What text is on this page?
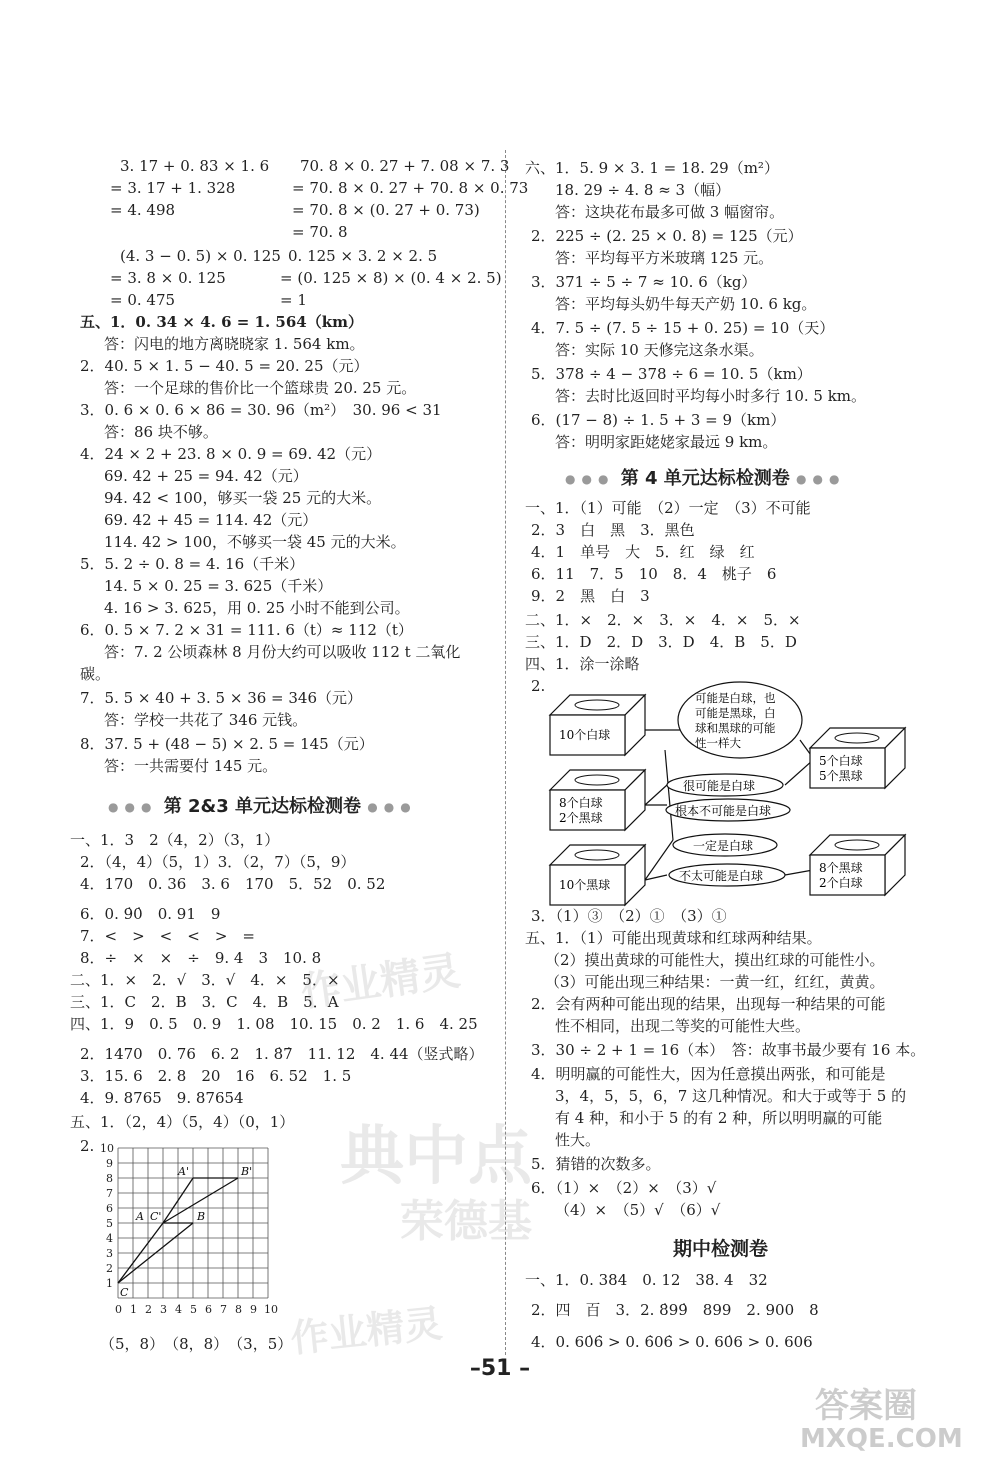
3. 17 + 0. 83 × 1. 6 70. 8 × 0. 27 + 7. 08 × 7. 3
= 3. 17 + 1. 328	= 70. 8 × 0. 27 + 70. 8 × 0. 73
= 4. 498	= 70. 8 × (0. 27 + 0. 73)
= 70. 8
(4. 3 − 0. 5) × 0. 125 0. 125 × 3. 2 × 2. 5
= 3. 8 × 0. 125	= (0. 125 × 8) × (0. 4 × 2. 5)
= 0. 475	= 1
五、1．0. 34 × 4. 6 = 1. 564（km）
答：闪电的地方离晓晓家 1. 564 km。
2．40. 5 × 1. 5 − 40. 5 = 20. 25（元）
答：一个足球的售价比一个篮球贵 20. 25 元。
3．0. 6 × 0. 6 × 86 = 30. 96（m²）　30. 96 < 31
答：86 块不够。
4．24 × 2 + 23. 8 × 0. 9 = 69. 42（元）
69. 42 + 25 = 94. 42（元）
94. 42 < 100，够买一袋 25 元的大米。
69. 42 + 45 = 114. 42（元）
114. 42 > 100，不够买一袋 45 元的大米。
5．5. 2 ÷ 0. 8 = 4. 16（千米）
14. 5 × 0. 25 = 3. 625（千米）
4. 16 > 3. 625，用 0. 25 小时不能到公司。
6．0. 5 × 7. 2 × 31 = 111. 6（t）≈ 112（t）
答：7. 2 公顷森林 8 月份大约可以吸收 112 t 二氧化
碳。
7．5. 5 × 40 + 3. 5 × 36 = 346（元）
答：学校一共花了 346 元钱。
8．37. 5 + (48 − 5) × 2. 5 = 145（元）
答：一共需要付 145 元。
●●● 第 2&3 单元达标检测卷 ●●●
一、1．3　2（4，2）（3，1）
2．（4，4）（5，1）3．（2，7）（5，9）
4．170　0. 36　3. 6　170　5．52　0. 52
6．0. 9̇0̇　0. 91　9
7．<　>　<　<　>　=
8．÷　×　×　÷　9. 4　3　10. 8
二、1．×　2．√　3．√　4．×　5．×
三、1．C　2．B　3．C　4．B　5．A
四、1．9　0. 5　0. 9　1. 08　10. 15　0. 2　1. 6　4. 25
2．1470　0. 76　6. 2　1. 8̇7̇　11. 12　4. 44（竖式略）
3．15. 6　2. 8　20　16　6. 52　1. 5
4．9. 8765　9. 87654
五、1．（2，4）（5，4）（0，1）
2. 10
9
8
7
6
5
4
3
2
1
0 1 2 3 4 5 6 7 8 9 10
A'	B'
A C'	B
C
（5，8）　（8，8）　（3，5）
六、1．5. 9 × 3. 1 = 18. 29（m²）
18. 29 ÷ 4. 8 ≈ 3（幅）
答：这块花布最多可做 3 幅窗帘。
2．225 ÷ (2. 25 × 0. 8) = 125（元）
答：平均每平方米玻璃 125 元。
3．371 ÷ 5 ÷ 7 ≈ 10. 6（kg）
答：平均每头奶牛每天产奶 10. 6 kg。
4．7. 5 ÷ (7. 5 ÷ 15 + 0. 25) = 10（天）
答：实际 10 天修完这条水渠。
5．378 ÷ 4 − 378 ÷ 6 = 10. 5（km）
答：去时比返回时平均每小时多行 10. 5 km。
6．(17 − 8) ÷ 1. 5 + 3 = 9（km）
答：明明家距姥姥家最远 9 km。
●●● 第 4 单元达标检测卷 ●●●
一、1．（1）可能　（2）一定　（3）不可能
2．3　白　黑　3．黑色
4．1　单号　大　5．红　绿　红
6．11　7．5　10　8．4　桃子　6
9．2　黑　白　3
二、1．×　2．×　3．×　4．×　5．×
三、1．D　2．D　3．D　4．B　5．D
四、1．涂一涂略
2.
10个白球
8个白球
2个黑球
10个黑球
5个白球
5个黑球
8个黑球
2个白球
可能是白球，也
可能是黑球，白
球和黑球的可能
性一样大
很可能是白球
根本不可能是白球
一定是白球
不太可能是白球
3．（1）③　（2）①　（3）①
五、1．（1）可能出现黄球和红球两种结果。
（2）摸出黄球的可能性大，摸出红球的可能性小。
（3）可能出现三种结果：一黄一红，红红，黄黄。
2．会有两种可能出现的结果，出现每一种结果的可能
性不相同，出现二等奖的可能性大些。
3．30 ÷ 2 + 1 = 16（本）　答：故事书最少要有 16 本。
4．明明赢的可能性大，因为任意摸出两张，和可能是
3，4，5，5，6，7 这几种情况。和大于或等于 5 的
有 4 种，和小于 5 的有 2 种，所以明明赢的可能
性大。
5．猜错的次数多。
6．（1）×　（2）×　（3）√
（4）×　（5）√　（6）√
期中检测卷
一、1．0. 384　0. 12　38. 4　32
2．四　百　3．2. 8̇99̇　899　2. 900　8
4．0. 60̇6̇ > 0. 6̇06̇ > 0. 60̇6 > 0. 606
–51 –
作业精灵
典中点
荣德基
作业精灵
答案圈
MXQE.COM
